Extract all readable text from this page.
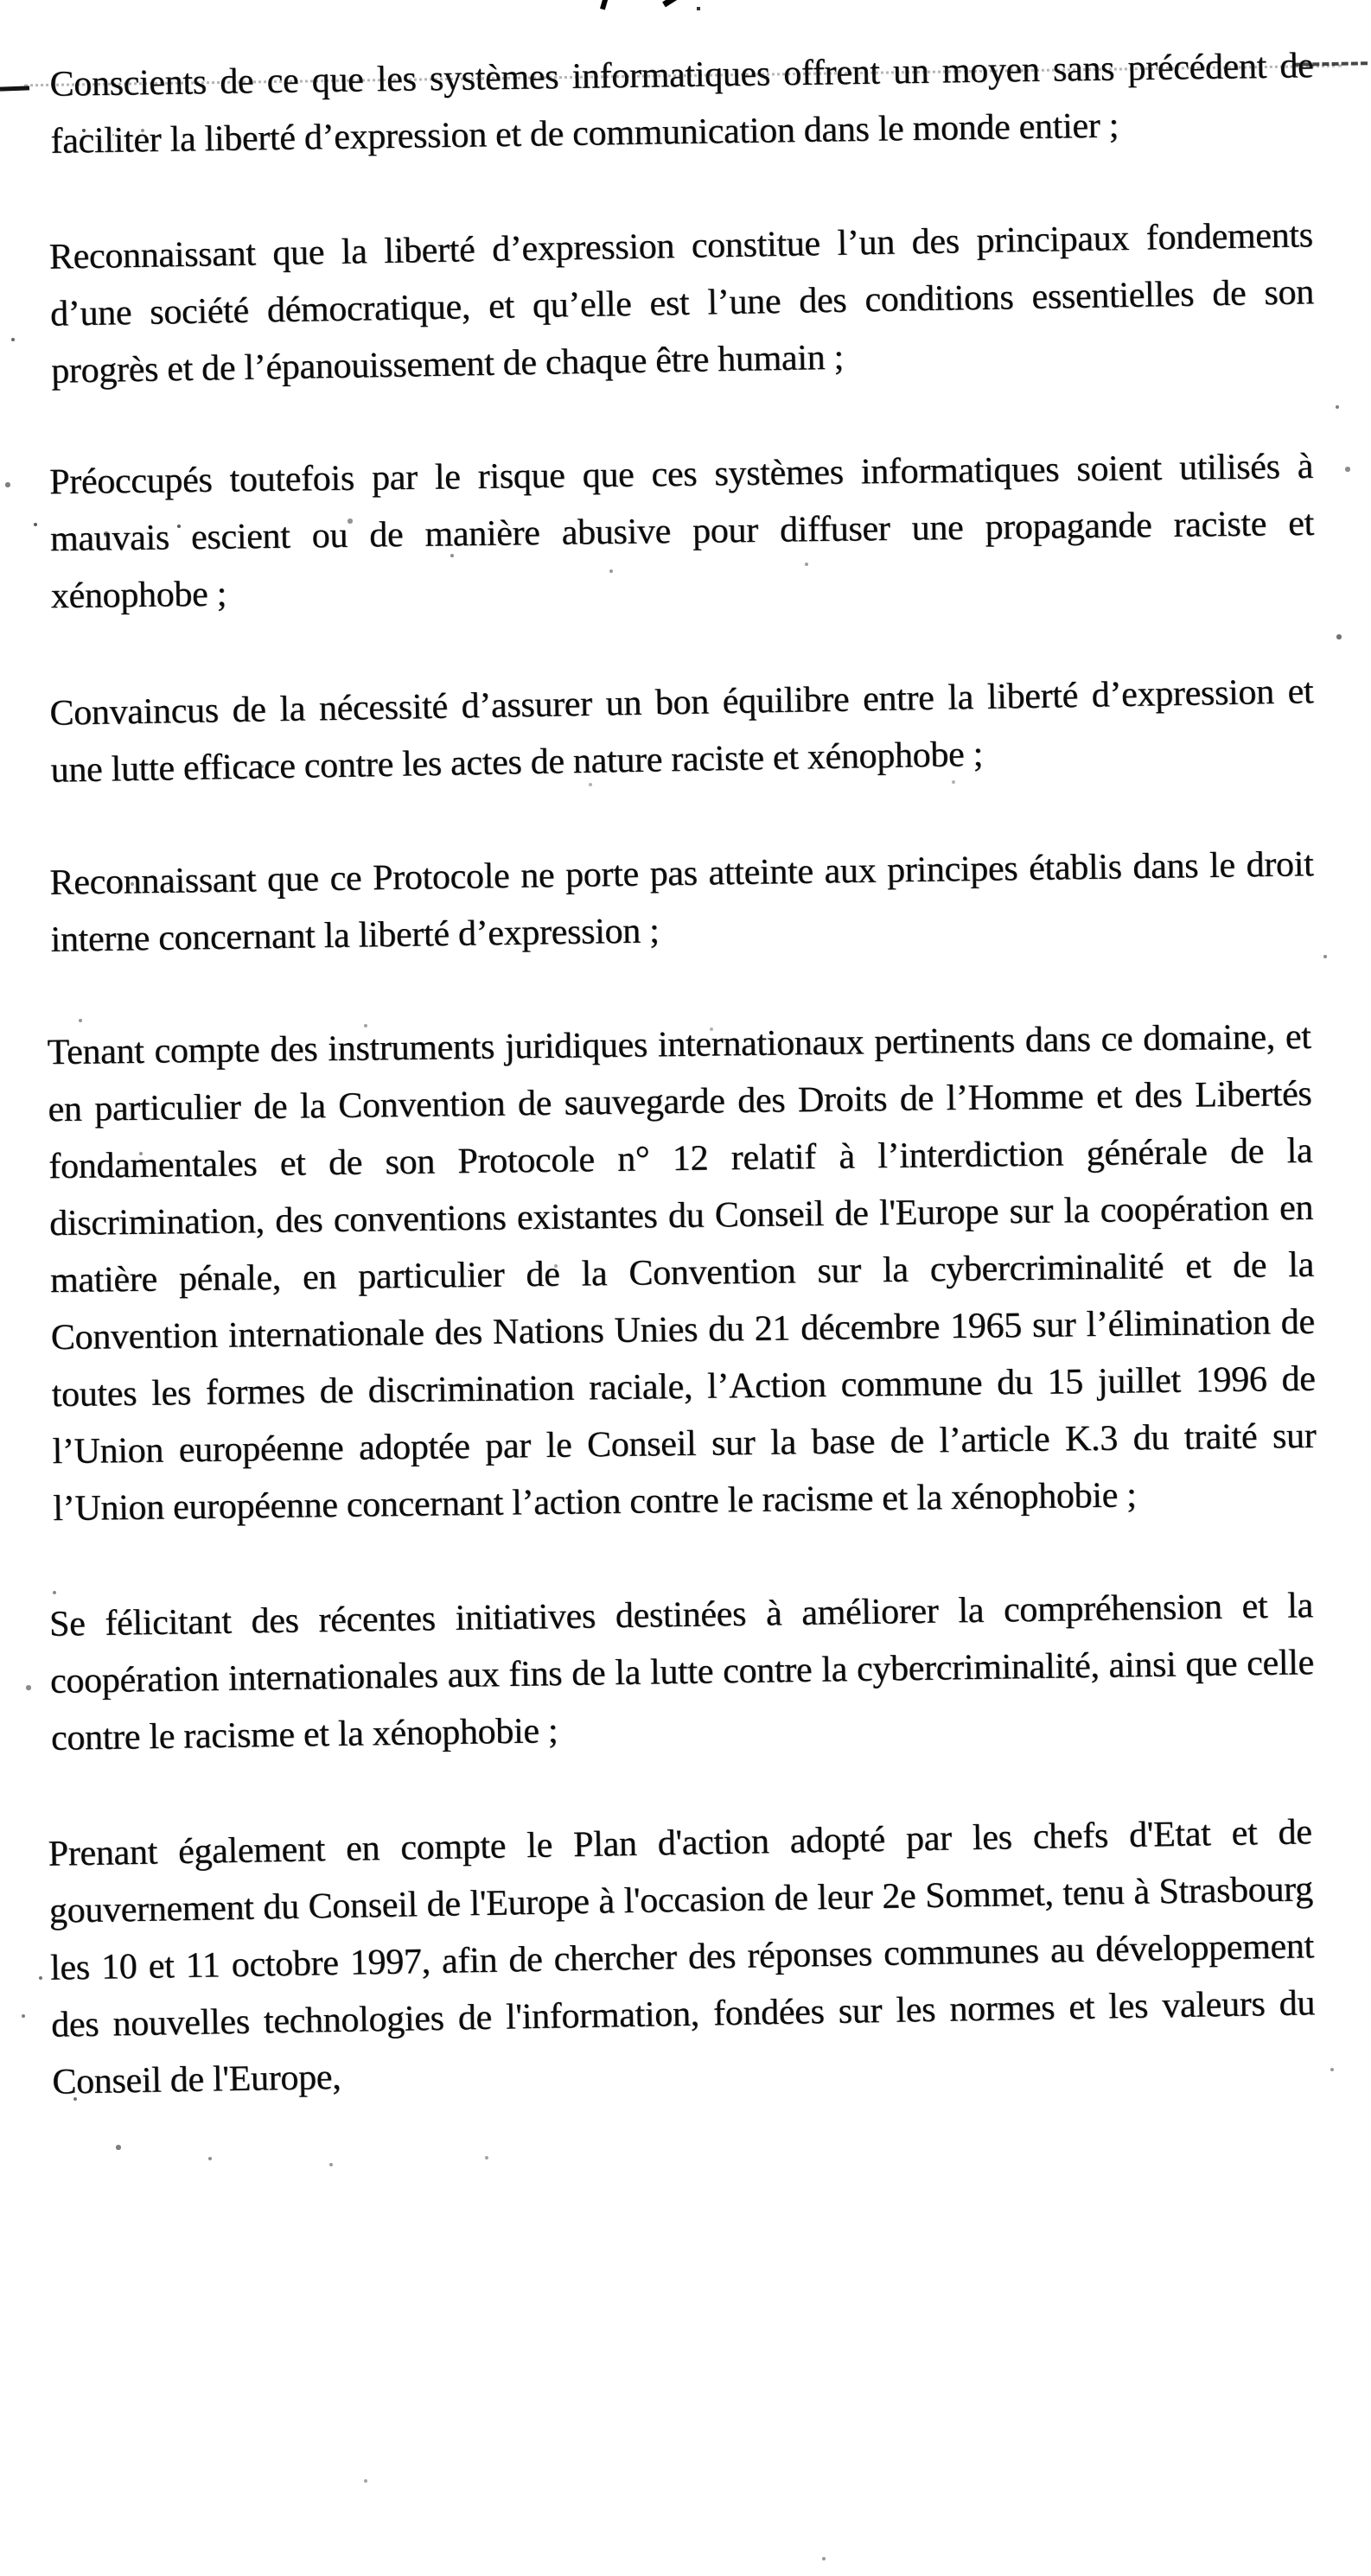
Conscients de ce que les systèmes informatiques offrent un moyen sans précédent de faciliter la liberté d’expression et de communication dans le monde entier ;

Reconnaissant que la liberté d’expression constitue l’un des principaux fondements d’une société démocratique, et qu’elle est l’une des conditions essentielles de son progrès et de l’épanouissement de chaque être humain ;

Préoccupés toutefois par le risque que ces systèmes informatiques soient utilisés à mauvais escient ou de manière abusive pour diffuser une propagande raciste et xénophobe ;

Convaincus de la nécessité d’assurer un bon équilibre entre la liberté d’expression et une lutte efficace contre les actes de nature raciste et xénophobe ;

Reconnaissant que ce Protocole ne porte pas atteinte aux principes établis dans le droit interne concernant la liberté d’expression ;

Tenant compte des instruments juridiques internationaux pertinents dans ce domaine, et en particulier de la Convention de sauvegarde des Droits de l’Homme et des Libertés fondamentales et de son Protocole n° 12 relatif à l’interdiction générale de la discrimination, des conventions existantes du Conseil de l'Europe sur la coopération en matière pénale, en particulier de la Convention sur la cybercriminalité et de la Convention internationale des Nations Unies du 21 décembre 1965 sur l’élimination de toutes les formes de discrimination raciale, l’Action commune du 15 juillet 1996 de l’Union européenne adoptée par le Conseil sur la base de l’article K.3 du traité sur l’Union européenne concernant l’action contre le racisme et la xénophobie ;

Se félicitant des récentes initiatives destinées à améliorer la compréhension et la coopération internationales aux fins de la lutte contre la cybercriminalité, ainsi que celle contre le racisme et la xénophobie ;

Prenant également en compte le Plan d'action adopté par les chefs d'Etat et de gouvernement du Conseil de l'Europe à l'occasion de leur 2e Sommet, tenu à Strasbourg les 10 et 11 octobre 1997, afin de chercher des réponses communes au développement des nouvelles technologies de l'information, fondées sur les normes et les valeurs du Conseil de l'Europe,
